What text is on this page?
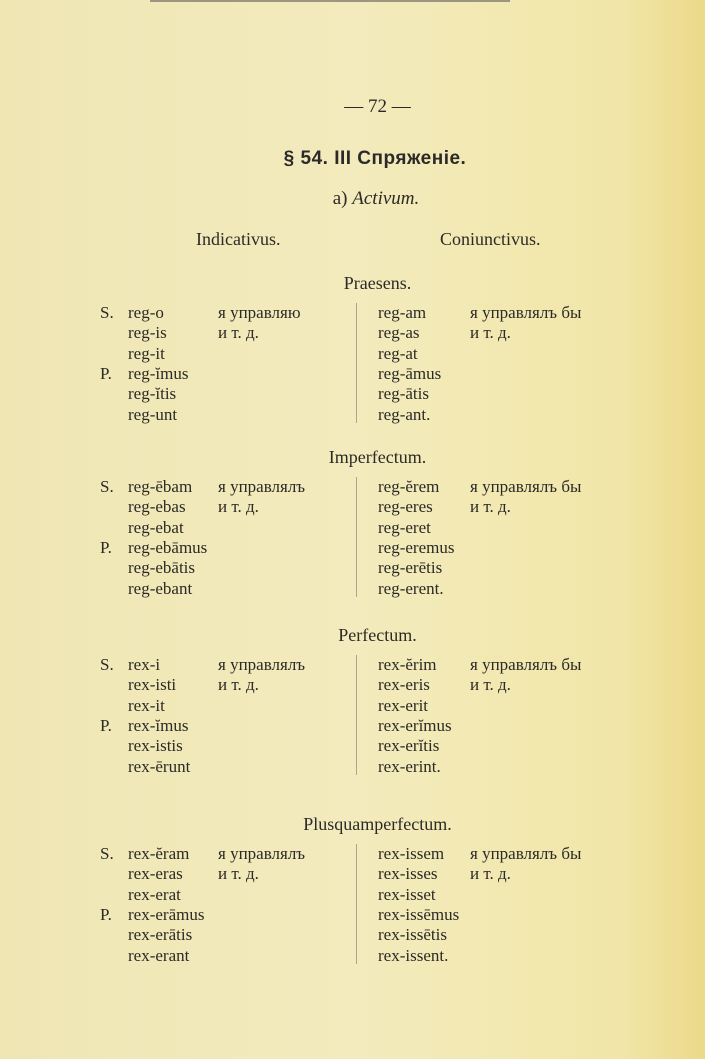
— 72 —
§ 54. III Спряженіе.
a) Activum.
Indicativus.	Coniunctivus.
Praesens.
S. reg-o	я управляю	reg-am	я управлялъ бы
reg-is	и т. д.	reg-as	и т. д.
reg-it	reg-at
P. reg-ĭmus	reg-āmus
reg-ĭtis	reg-ātis
reg-unt	reg-ant.
Imperfectum.
S. reg-ēbam я управлялъ	reg-ĕrem я управлялъ бы
reg-ebas и т. д.	reg-eres и т. д.
reg-ebat	reg-eret
P. reg-ebāmus	reg-eremus
reg-ebātis	reg-erētis
reg-ebant	reg-erent.
Perfectum.
S. rex-i	я управлялъ	rex-ĕrim я управлялъ бы
rex-isti и т. д.	rex-eris и т. д.
rex-it	rex-erit
P. rex-ĭmus	rex-erĭmus
rex-istis	rex-erĭtis
rex-ērunt	rex-erint.
Plusquamperfectum.
S. rex-ĕram я управлялъ	rex-issem я управлялъ бы
rex-eras и т. д.	rex-isses и т. д.
rex-erat	rex-isset
P. rex-erāmus	rex-issēmus
rex-erātis	rex-issētis
rex-erant	rex-issent.
